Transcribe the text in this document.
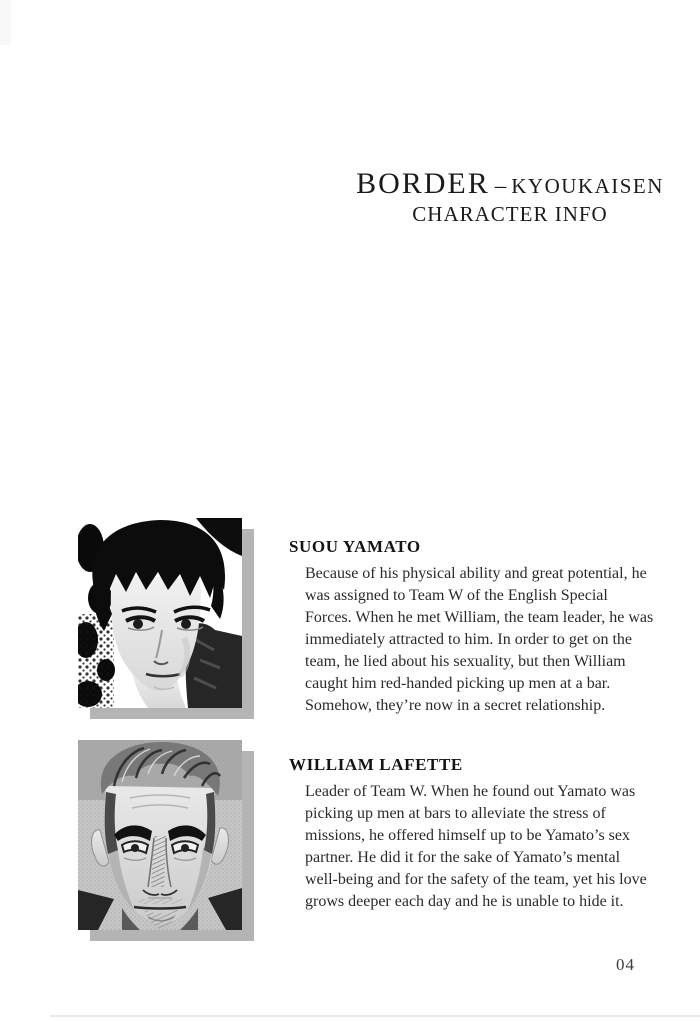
BORDER – KYOUKAISEN
CHARACTER INFO
SUOU YAMATO
Because of his physical ability and great potential, he was assigned to Team W of the English Special Forces. When he met William, the team leader, he was immediately attracted to him. In order to get on the team, he lied about his sexuality, but then William caught him red-handed picking up men at a bar. Somehow, they’re now in a secret relationship.
WILLIAM LAFETTE
Leader of Team W. When he found out Yamato was picking up men at bars to alleviate the stress of missions, he offered himself up to be Yamato’s sex partner. He did it for the sake of Yamato’s mental well-being and for the safety of the team, yet his love grows deeper each day and he is unable to hide it.
04
